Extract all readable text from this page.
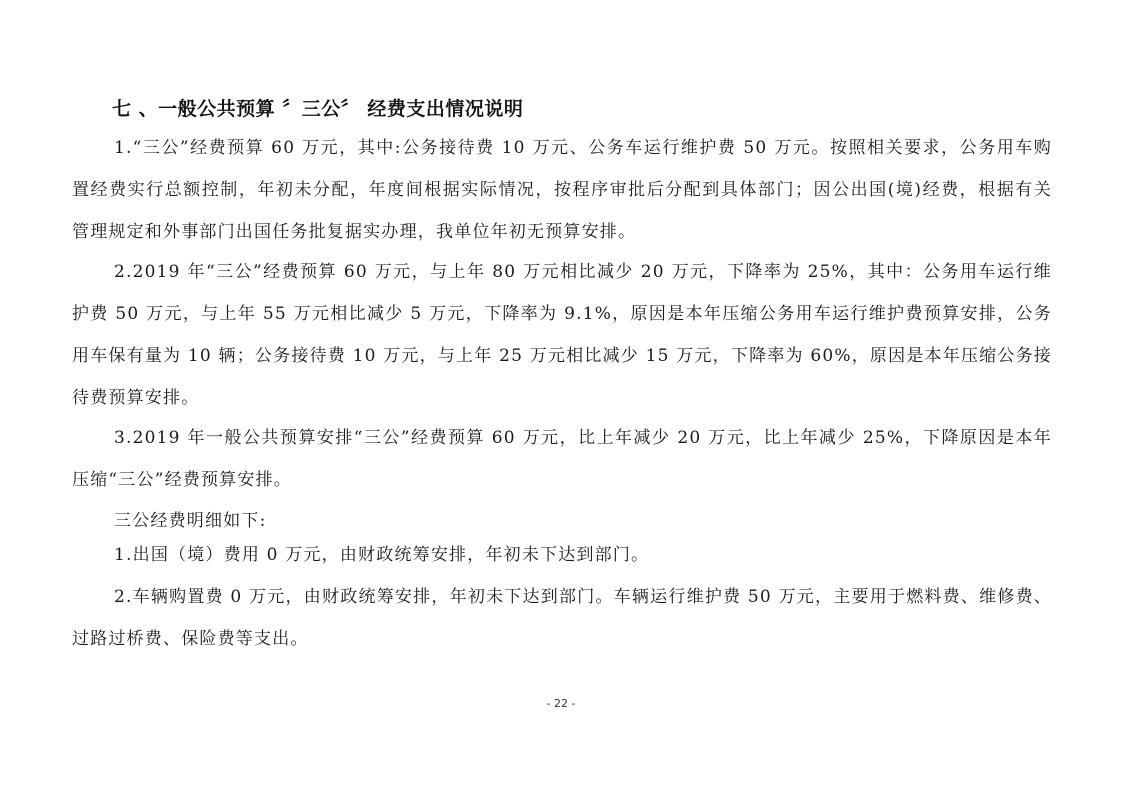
七 、一般公共预算 〞三公〞 经费支出情况说明

1.“三公”经费预算 60 万元，其中:公务接待费 10 万元、公务车运行维护费 50 万元。按照相关要求，公务用车购置经费实行总额控制，年初未分配，年度间根据实际情况，按程序审批后分配到具体部门；因公出国(境)经费，根据有关管理规定和外事部门出国任务批复据实办理，我单位年初无预算安排。

2.2019 年“三公”经费预算 60 万元，与上年 80 万元相比减少 20 万元，下降率为 25%，其中：公务用车运行维护费 50 万元，与上年 55 万元相比减少 5 万元，下降率为 9.1%，原因是本年压缩公务用车运行维护费预算安排，公务用车保有量为 10 辆；公务接待费 10 万元，与上年 25 万元相比减少 15 万元，下降率为 60%，原因是本年压缩公务接待费预算安排。

3.2019 年一般公共预算安排“三公”经费预算 60 万元，比上年减少 20 万元，比上年减少 25%，下降原因是本年压缩“三公”经费预算安排。

三公经费明细如下:

1.出国（境）费用 0 万元，由财政统筹安排，年初未下达到部门。

2.车辆购置费 0 万元，由财政统筹安排，年初未下达到部门。车辆运行维护费 50 万元，主要用于燃料费、维修费、过路过桥费、保险费等支出。

- 22 -
